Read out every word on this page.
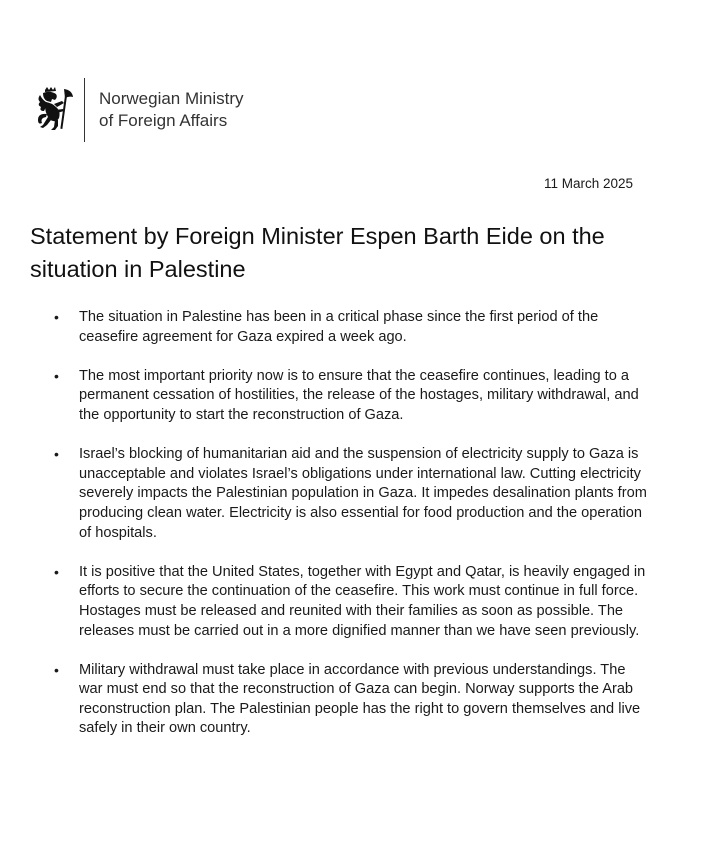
Norwegian Ministry
of Foreign Affairs
11 March 2025
Statement by Foreign Minister Espen Barth Eide on the situation in Palestine
• The situation in Palestine has been in a critical phase since the first period of the ceasefire agreement for Gaza expired a week ago.
• The most important priority now is to ensure that the ceasefire continues, leading to a permanent cessation of hostilities, the release of the hostages, military withdrawal, and the opportunity to start the reconstruction of Gaza.
• Israel’s blocking of humanitarian aid and the suspension of electricity supply to Gaza is unacceptable and violates Israel’s obligations under international law. Cutting electricity severely impacts the Palestinian population in Gaza. It impedes desalination plants from producing clean water. Electricity is also essential for food production and the operation of hospitals.
• It is positive that the United States, together with Egypt and Qatar, is heavily engaged in efforts to secure the continuation of the ceasefire. This work must continue in full force. Hostages must be released and reunited with their families as soon as possible. The releases must be carried out in a more dignified manner than we have seen previously.
• Military withdrawal must take place in accordance with previous understandings. The war must end so that the reconstruction of Gaza can begin. Norway supports the Arab reconstruction plan. The Palestinian people has the right to govern themselves and live safely in their own country.
